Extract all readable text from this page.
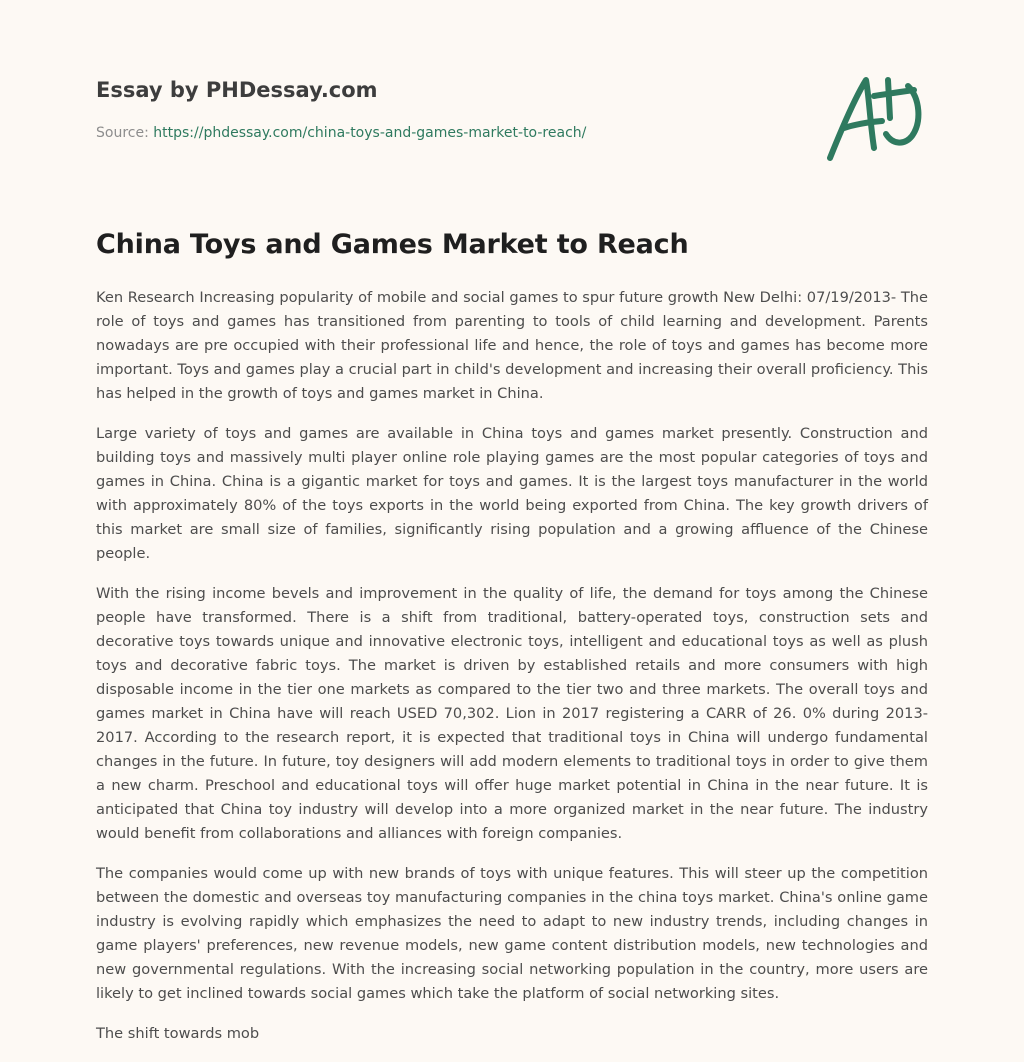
Essay by PHDessay.com
Source: https://phdessay.com/china-toys-and-games-market-to-reach/
China Toys and Games Market to Reach

Ken Research Increasing popularity of mobile and social games to spur future growth New Delhi: 07/19/2013- The role of toys and games has transitioned from parenting to tools of child learning and development. Parents nowadays are pre occupied with their professional life and hence, the role of toys and games has become more important. Toys and games play a crucial part in child's development and increasing their overall proficiency. This has helped in the growth of toys and games market in China.

Large variety of toys and games are available in China toys and games market presently. Construction and building toys and massively multi player online role playing games are the most popular categories of toys and games in China. China is a gigantic market for toys and games. It is the largest toys manufacturer in the world with approximately 80% of the toys exports in the world being exported from China. The key growth drivers of this market are small size of families, significantly rising population and a growing affluence of the Chinese people.

With the rising income bevels and improvement in the quality of life, the demand for toys among the Chinese people have transformed. There is a shift from traditional, battery-operated toys, construction sets and decorative toys towards unique and innovative electronic toys, intelligent and educational toys as well as plush toys and decorative fabric toys. The market is driven by established retails and more consumers with high disposable income in the tier one markets as compared to the tier two and three markets. The overall toys and games market in China have will reach USED 70,302. Lion in 2017 registering a CARR of 26. 0% during 2013-2017. According to the research report, it is expected that traditional toys in China will undergo fundamental changes in the future. In future, toy designers will add modern elements to traditional toys in order to give them a new charm. Preschool and educational toys will offer huge market potential in China in the near future. It is anticipated that China toy industry will develop into a more organized market in the near future. The industry would benefit from collaborations and alliances with foreign companies.

The companies would come up with new brands of toys with unique features. This will steer up the competition between the domestic and overseas toy manufacturing companies in the china toys market. China's online game industry is evolving rapidly which emphasizes the need to adapt to new industry trends, including changes in game players' preferences, new revenue models, new game content distribution models, new technologies and new governmental regulations. With the increasing social networking population in the country, more users are likely to get inclined towards social games which take the platform of social networking sites.

The shift towards mob
